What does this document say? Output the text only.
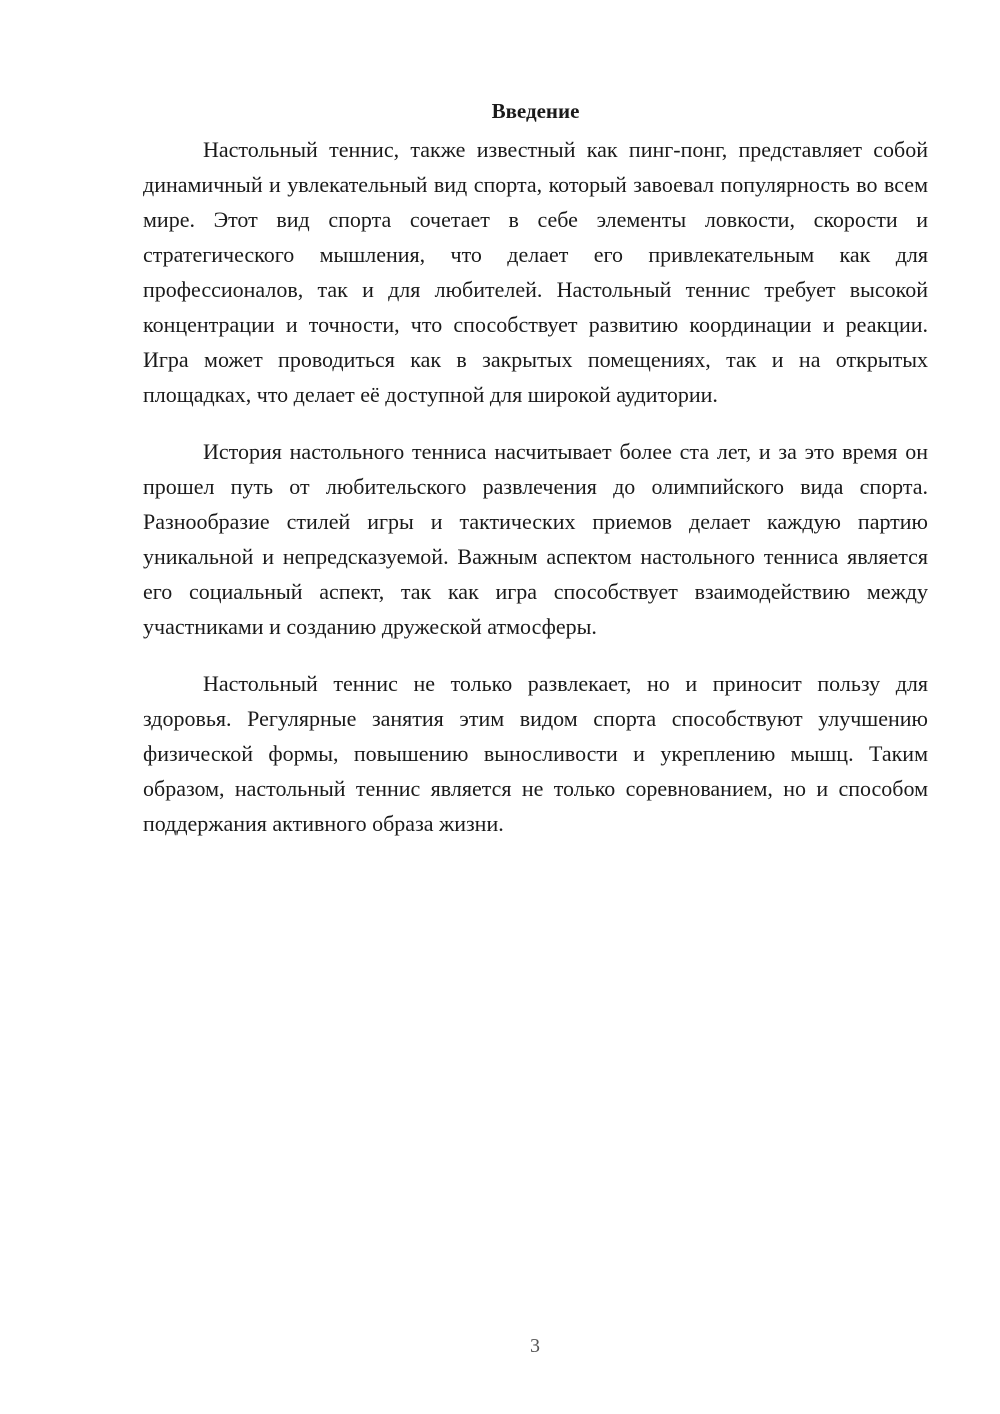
Введение

Настольный теннис, также известный как пинг-понг, представляет собой динамичный и увлекательный вид спорта, который завоевал популярность во всем мире. Этот вид спорта сочетает в себе элементы ловкости, скорости и стратегического мышления, что делает его привлекательным как для профессионалов, так и для любителей. Настольный теннис требует высокой концентрации и точности, что способствует развитию координации и реакции. Игра может проводиться как в закрытых помещениях, так и на открытых площадках, что делает её доступной для широкой аудитории.

История настольного тенниса насчитывает более ста лет, и за это время он прошел путь от любительского развлечения до олимпийского вида спорта. Разнообразие стилей игры и тактических приемов делает каждую партию уникальной и непредсказуемой. Важным аспектом настольного тенниса является его социальный аспект, так как игра способствует взаимодействию между участниками и созданию дружеской атмосферы.

Настольный теннис не только развлекает, но и приносит пользу для здоровья. Регулярные занятия этим видом спорта способствуют улучшению физической формы, повышению выносливости и укреплению мышц. Таким образом, настольный теннис является не только соревнованием, но и способом поддержания активного образа жизни.

3
